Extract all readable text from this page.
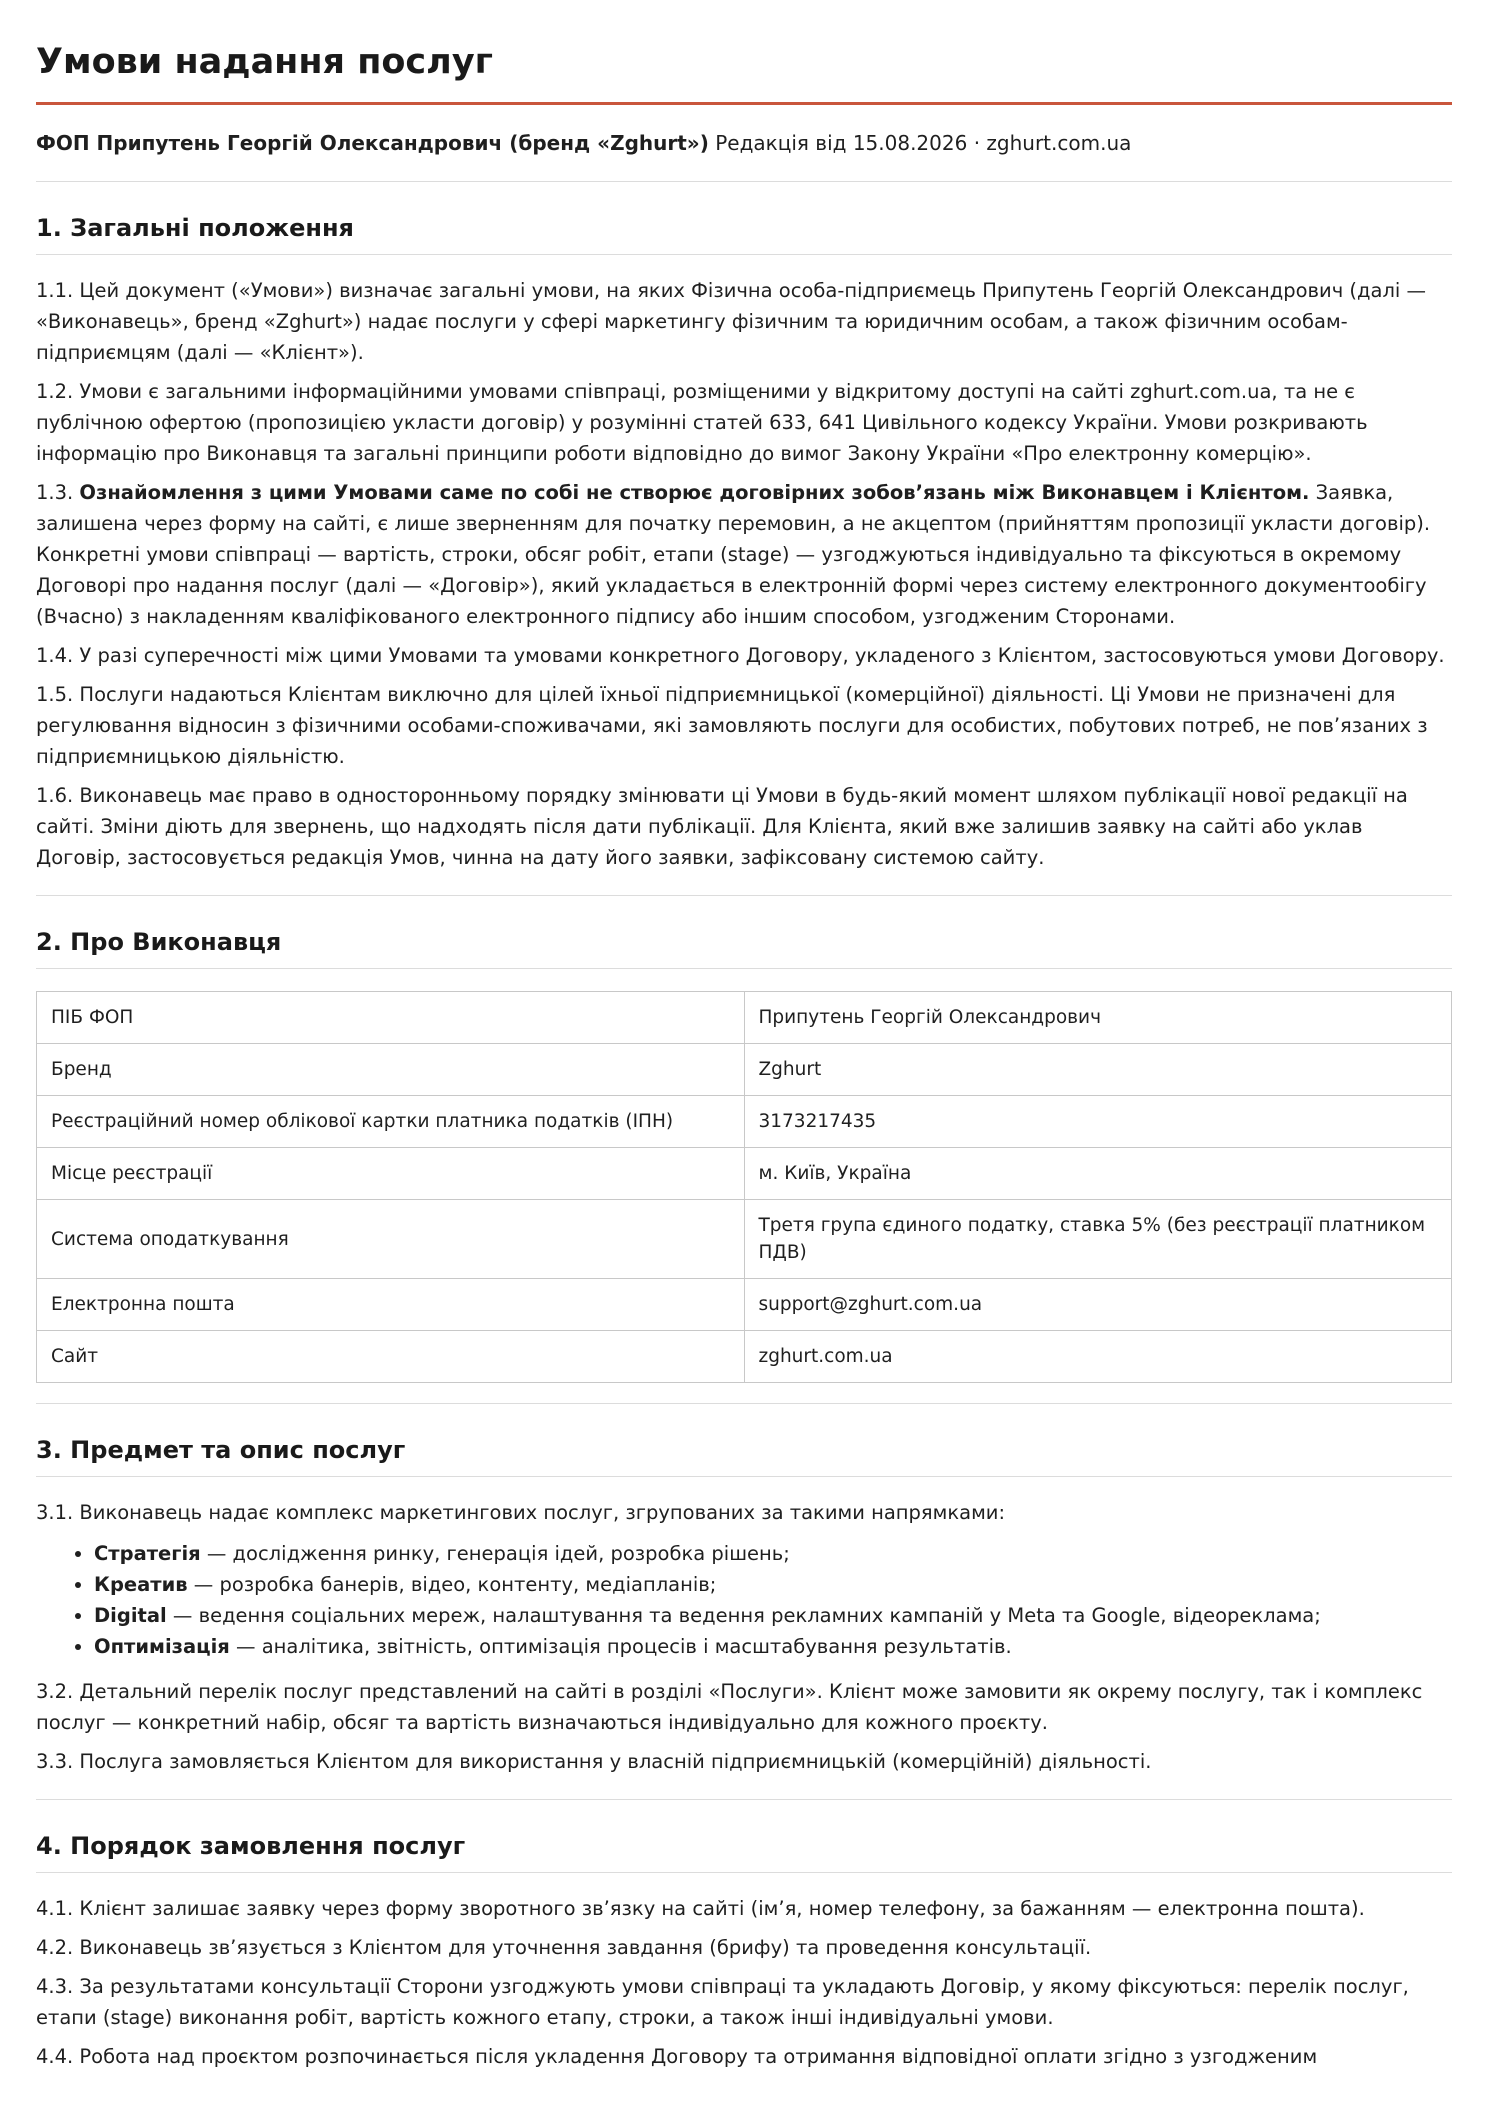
Умови надання послуг
ФОП Припутень Георгій Олександрович (бренд «Zghurt») Редакція від 15.08.2026 · zghurt.com.ua
1. Загальні положення

1.1. Цей документ («Умови») визначає загальні умови, на яких Фізична особа-підприємець Припутень Георгій Олександрович (далі — «Виконавець», бренд «Zghurt») надає послуги у сфері маркетингу фізичним та юридичним особам, а також фізичним особам-підприємцям (далі — «Клієнт»).

1.2. Умови є загальними інформаційними умовами співпраці, розміщеними у відкритому доступі на сайті zghurt.com.ua, та не є публічною офертою (пропозицією укласти договір) у розумінні статей 633, 641 Цивільного кодексу України. Умови розкривають інформацію про Виконавця та загальні принципи роботи відповідно до вимог Закону України «Про електронну комерцію».

1.3. Ознайомлення з цими Умовами саме по собі не створює договірних зобов’язань між Виконавцем і Клієнтом. Заявка, залишена через форму на сайті, є лише зверненням для початку перемовин, а не акцептом (прийняттям пропозиції укласти договір). Конкретні умови співпраці — вартість, строки, обсяг робіт, етапи (stage) — узгоджуються індивідуально та фіксуються в окремому Договорі про надання послуг (далі — «Договір»), який укладається в електронній формі через систему електронного документообігу (Вчасно) з накладенням кваліфікованого електронного підпису або іншим способом, узгодженим Сторонами.

1.4. У разі суперечності між цими Умовами та умовами конкретного Договору, укладеного з Клієнтом, застосовуються умови Договору.

1.5. Послуги надаються Клієнтам виключно для цілей їхньої підприємницької (комерційної) діяльності. Ці Умови не призначені для регулювання відносин з фізичними особами-споживачами, які замовляють послуги для особистих, побутових потреб, не пов’язаних з підприємницькою діяльністю.

1.6. Виконавець має право в односторонньому порядку змінювати ці Умови в будь-який момент шляхом публікації нової редакції на сайті. Зміни діють для звернень, що надходять після дати публікації. Для Клієнта, який вже залишив заявку на сайті або уклав Договір, застосовується редакція Умов, чинна на дату його заявки, зафіксовану системою сайту.

2. Про Виконавця
ПІБ ФОП	Припутень Георгій Олександрович
Бренд	Zghurt
Реєстраційний номер облікової картки платника податків (ІПН)	3173217435
Місце реєстрації	м. Київ, Україна
Система оподаткування	Третя група єдиного податку, ставка 5% (без реєстрації платником ПДВ)
Електронна пошта	support@zghurt.com.ua
Сайт	zghurt.com.ua
3. Предмет та опис послуг

3.1. Виконавець надає комплекс маркетингових послуг, згрупованих за такими напрямками:

• Стратегія — дослідження ринку, генерація ідей, розробка рішень;
• Креатив — розробка банерів, відео, контенту, медіапланів;
• Digital — ведення соціальних мереж, налаштування та ведення рекламних кампаній у Meta та Google, відеореклама;
• Оптимізація — аналітика, звітність, оптимізація процесів і масштабування результатів.

3.2. Детальний перелік послуг представлений на сайті в розділі «Послуги». Клієнт може замовити як окрему послугу, так і комплекс послуг — конкретний набір, обсяг та вартість визначаються індивідуально для кожного проєкту.

3.3. Послуга замовляється Клієнтом для використання у власній підприємницькій (комерційній) діяльності.

4. Порядок замовлення послуг

4.1. Клієнт залишає заявку через форму зворотного зв’язку на сайті (ім’я, номер телефону, за бажанням — електронна пошта).

4.2. Виконавець зв’язується з Клієнтом для уточнення завдання (брифу) та проведення консультації.

4.3. За результатами консультації Сторони узгоджують умови співпраці та укладають Договір, у якому фіксуються: перелік послуг, етапи (stage) виконання робіт, вартість кожного етапу, строки, а також інші індивідуальні умови.

4.4. Робота над проєктом розпочинається після укладення Договору та отримання відповідної оплати згідно з узгодженим
